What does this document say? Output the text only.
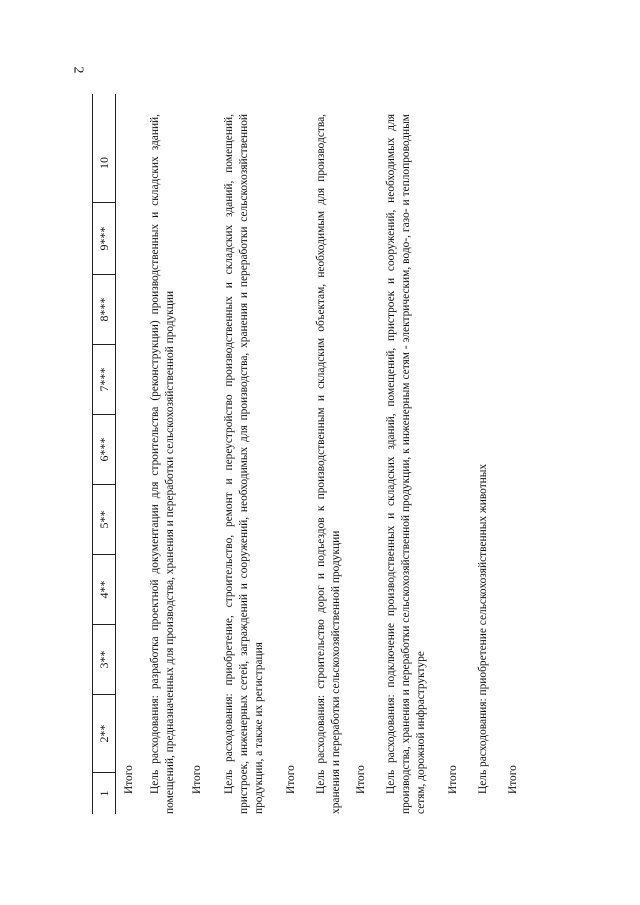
2
1
2**
3**
4**
5**
6***
7***
8***
9***
10
Итого Цель расходования: разработка проектной документации для строительства (реконструкции) производственных и складских зданий, помещений, предназначенных для производства, хранения и переработки сельскохозяйственной продукции Итого Цель расходования: приобретение, строительство, ремонт и переустройство производственных и складских зданий, помещений, пристроек, инженерных сетей, заграждений и сооружений, необходимых для производства, хранения и переработки сельскохозяйственной продукции, а также их регистрация Итого Цель расходования: строительство дорог и подъездов к производственным и складским объектам, необходимым для производства, хранения и переработки сельскохозяйственной продукции Итого Цель расходования: подключение производственных и складских зданий, помещений, пристроек и сооружений, необходимых для производства, хранения и переработки сельскохозяйственной продукции, к инженерным сетям - электрическим, водо-, газо- и теплопроводным сетям, дорожной инфраструктуре Итого Цель расходования: приобретение сельскохозяйственных животных Итого
